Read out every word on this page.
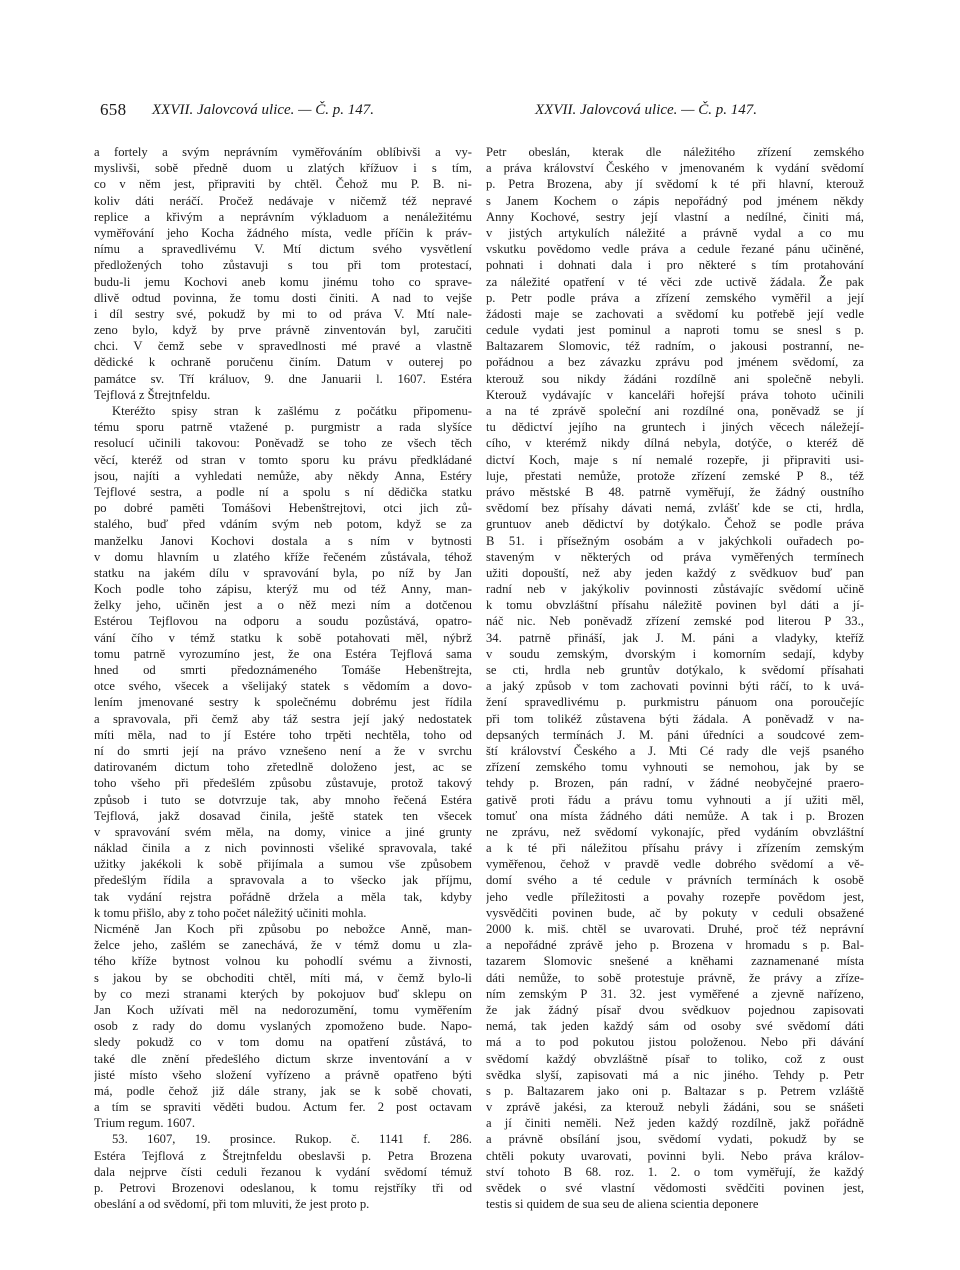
658 XXVII. Jalovcová ulice. — Č. p. 147.	XXVII. Jalovcová ulice. — Č. p. 147.
a fortely a svým neprávním vyměřováním oblíbivši a vy-
myslivši, sobě předně duom u zlatých křížuov i s tím,
co v něm jest, připraviti by chtěl. Čehož mu P. B. ni-
koliv dáti neráčí. Pročež nedávaje v ničemž též nepravé
replice a křivým a neprávním výkladuom a nenáležitému
vyměřování jeho Kocha žádného místa, vedle příčin k práv-
nímu a spravedlivému V. Mtí dictum svého vysvětlení
předložených toho zůstavuji s tou při tom protestací,
budu-li jemu Kochovi aneb komu jinému toho co sprave-
dlivě odtud povinna, že tomu dosti činiti. A nad to vejše
i díl sestry své, pokudž by mi to od práva V. Mtí nale-
zeno bylo, když by prve právně zinventován byl, zaručiti
chci. V čemž sebe v spravedlnosti mé pravé a vlastně
dědické k ochraně poručenu činím. Datum v outerej po
památce sv. Tří králuov, 9. dne Januarii l. 1607. Estéra
Tejflová z Štrejtnfeldu.
Kteréžto spisy stran k zašlému z počátku připomenu-
tému sporu patrně vtažené p. purgmistr a rada slyšíce
resolucí učinili takovou: Poněvadž se toho ze všech těch
věcí, kteréž od stran v tomto sporu ku právu předkládané
jsou, najíti a vyhledati nemůže, aby někdy Anna, Estéry
Tejflové sestra, a podle ní a spolu s ní dědička statku
po dobré paměti Tomášovi Hebenštrejtovi, otci jich zů-
stalého, buď před vdáním svým neb potom, když se za
manželku Janovi Kochovi dostala a s ním v bytnosti
v domu hlavním u zlatého kříže řečeném zůstávala, téhož
statku na jakém dílu v spravování byla, po níž by Jan
Koch podle toho zápisu, kterýž mu od též Anny, man-
želky jeho, učiněn jest a o něž mezi ním a dotčenou
Estérou Tejflovou na odporu a soudu pozůstává, opatro-
vání čího v témž statku k sobě potahovati měl, nýbrž
tomu patrně vyrozumíno jest, že ona Estéra Tejflová sama
hned od smrti předoznámeného Tomáše Hebenštrejta,
otce svého, všecek a všelijaký statek s vědomím a dovo-
lením jmenované sestry k společnému dobrému jest řídila
a spravovala, při čemž aby táž sestra její jaký nedostatek
míti měla, nad to jí Estére toho trpěti nechtěla, toho od
ní do smrti její na právo vznešeno není a že v svrchu
datirovaném dictum toho zřetedlně doloženo jest, ac se
toho všeho při předešlém způsobu zůstavuje, protož takový
způsob i tuto se dotvrzuje tak, aby mnoho řečená Estéra
Tejflová, jakž dosavad činila, ještě statek ten všecek
v spravování svém měla, na domy, vinice a jiné grunty
náklad činila a z nich povinnosti všeliké spravovala, také
užitky jakékoli k sobě přijímala a sumou vše způsobem
předešlým řídila a spravovala a to všecko jak příjmu,
tak vydání rejstra pořádně držela a měla tak, kdyby
k tomu přišlo, aby z toho počet náležitý učiniti mohla.
Nicméně Jan Koch při způsobu po nebožce Anně, man-
želce jeho, zašlém se zanechává, že v témž domu u zla-
tého kříže bytnost volnou ku pohodlí svému a živnosti,
s jakou by se obchoditi chtěl, míti má, v čemž bylo-li
by co mezi stranami kterých by pokojuov buď sklepu on
Jan Koch užívati měl na nedorozumění, tomu vyměřením
osob z rady do domu vyslaných zpomoženo bude. Napo-
sledy pokudž co v tom domu na opatření zůstává, to
také dle znění předešlého dictum skrze inventování a v
jisté místo všeho složení vyřízeno a právně opatřeno býti
má, podle čehož již dále strany, jak se k sobě chovati,
a tím se spraviti věděti budou. Actum fer. 2 post octavam
Trium regum. 1607.
53. 1607, 19. prosince. Rukop. č. 1141 f. 286.
Estéra Tejflová z Štrejtnfeldu obeslavši p. Petra Brozena
dala nejprve čísti ceduli řezanou k vydání svědomí témuž
p. Petrovi Brozenovi odeslanou, k tomu rejstříky tři od
obeslání a od svědomí, při tom mluviti, že jest proto p.
Petr obeslán, kterak dle náležitého zřízení zemského
a práva království Českého v jmenovaném k vydání svědomí
p. Petra Brozena, aby jí svědomí k té při hlavní, kterouž
s Janem Kochem o zápis nepořádný pod jménem někdy
Anny Kochové, sestry její vlastní a nedílné, činiti má,
v jistých artykulích náležité a právně vydal a co mu
vskutku povědomo vedle práva a cedule řezané pánu učiněné,
pohnati i dohnati dala i pro některé s tím protahování
za náležité opatření v té věci zde uctivě žádala. Že pak
p. Petr podle práva a zřízení zemského vyměřil a její
žádosti maje se zachovati a svědomí ku potřebě její vedle
cedule vydati jest pominul a naproti tomu se snesl s p.
Baltazarem Slomovic, též radním, o jakousi postranní, ne-
pořádnou a bez závazku zprávu pod jménem svědomí, za
kterouž sou nikdy žádáni rozdílně ani společně nebyli.
Kterouž vydávajíc v kanceláři hořejší práva tohoto učinili
a na té zprávě společní ani rozdílné ona, poněvadž se jí
tu dědictví jejího na gruntech i jiných věcech náležejí-
cího, v kterémž nikdy dílná nebyla, dotýče, o kteréž dě
dictví Koch, maje s ní nemalé rozepře, ji připraviti usi-
luje, přestati nemůže, protože zřízení zemské P 8., též
právo městské B 48. patrně vyměřují, že žádný oustního
svědomí bez přísahy dávati nemá, zvlášť kde se cti, hrdla,
gruntuov aneb dědictví by dotýkalo. Čehož se podle práva
B 51. i přísežným osobám a v jakýchkoli ouřadech po-
staveným v některých od práva vyměřených termínech
užiti dopouští, než aby jeden každý z svědkuov buď pan
radní neb v jakýkoliv povinnosti zůstávajíc svědomí učině
k tomu obvzláštní přísahu náležitě povinen byl dáti a jí-
náč nic. Neb poněvadž zřízení zemské pod literou P 33.,
34. patrně přináší, jak J. M. páni a vladyky, kteříž
v soudu zemským, dvorským i komorním sedají, kdyby
se cti, hrdla neb gruntův dotýkalo, k svědomí přísahati
a jaký způsob v tom zachovati povinni býti ráčí, to k uvá-
žení spravedlivému p. purkmistru pánuom ona poroučejíc
při tom tolikéž zůstavena býti žádala. A poněvadž v na-
depsaných termínách J. M. páni úředníci a soudcové zem-
ští království Českého a J. Mti Cé rady dle vejš psaného
zřízení zemského tomu vyhnouti se nemohou, jak by se
tehdy p. Brozen, pán radní, v žádné neobyčejné praero-
gativě proti řádu a právu tomu vyhnouti a jí užiti měl,
tomuť ona místa žádného dáti nemůže. A tak i p. Brozen
ne zprávu, než svědomí vykonajíc, před vydáním obvzláštní
a k té při náležitou přísahu právy i zřízením zemským
vyměřenou, čehož v pravdě vedle dobrého svědomí a vě-
domí svého a té cedule v právních termínách k osobě
jeho vedle příležitosti a povahy rozepře povědom jest,
vysvědčiti povinen bude, ač by pokuty v ceduli obsažené
2000 k. miš. chtěl se uvarovati. Druhé, proč též neprávní
a nepořádné zprávě jeho p. Brozena v hromadu s p. Bal-
tazarem Slomovic snešené a kněhami zaznamenané místa
dáti nemůže, to sobě protestuje právně, že právy a zříze-
ním zemským P 31. 32. jest vyměřené a zjevně nařízeno,
že jak žádný písař dvou svědkuov pojednou zapisovati
nemá, tak jeden každý sám od osoby své svědomí dáti
má a to pod pokutou jistou položenou. Nebo při dávání
svědomí každý obvzláštně písař to toliko, což z oust
svědka slyší, zapisovati má a nic jiného. Tehdy p. Petr
s p. Baltazarem jako oni p. Baltazar s p. Petrem vzláště
v zprávě jakési, za kterouž nebyli žádáni, sou se snášeti
a jí činiti neměli. Než jeden každý rozdílně, jakž pořádně
a právně obsílání jsou, svědomí vydati, pokudž by se
chtěli pokuty uvarovati, povinni byli. Nebo práva králov-
ství tohoto B 68. roz. 1. 2. o tom vyměřují, že každý
svědek o své vlastní vědomosti svědčiti povinen jest,
testis si quidem de sua seu de aliena scientia deponere
